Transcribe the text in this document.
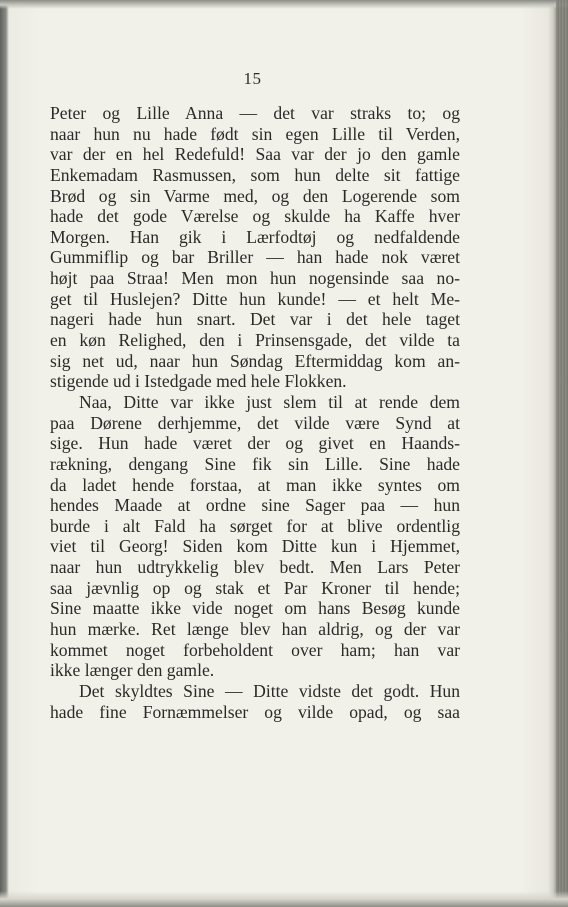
15
Peter og Lille Anna — det var straks to; og
naar hun nu hade født sin egen Lille til Verden,
var der en hel Redefuld! Saa var der jo den gamle
Enkemadam Rasmussen, som hun delte sit fattige
Brød og sin Varme med, og den Logerende som
hade det gode Værelse og skulde ha Kaffe hver
Morgen. Han gik i Lærfodtøj og nedfaldende
Gummiflip og bar Briller — han hade nok været
højt paa Straa! Men mon hun nogensinde saa no-
get til Huslejen? Ditte hun kunde! — et helt Me-
nageri hade hun snart. Det var i det hele taget
en køn Relighed, den i Prinsensgade, det vilde ta
sig net ud, naar hun Søndag Eftermiddag kom an-
stigende ud i Istedgade med hele Flokken.
Naa, Ditte var ikke just slem til at rende dem
paa Dørene derhjemme, det vilde være Synd at
sige. Hun hade været der og givet en Haands-
rækning, dengang Sine fik sin Lille. Sine hade
da ladet hende forstaa, at man ikke syntes om
hendes Maade at ordne sine Sager paa — hun
burde i alt Fald ha sørget for at blive ordentlig
viet til Georg! Siden kom Ditte kun i Hjemmet,
naar hun udtrykkelig blev bedt. Men Lars Peter
saa jævnlig op og stak et Par Kroner til hende;
Sine maatte ikke vide noget om hans Besøg kunde
hun mærke. Ret længe blev han aldrig, og der var
kommet noget forbeholdent over ham; han var
ikke længer den gamle.
Det skyldtes Sine — Ditte vidste det godt. Hun
hade fine Fornæmmelser og vilde opad, og saa
